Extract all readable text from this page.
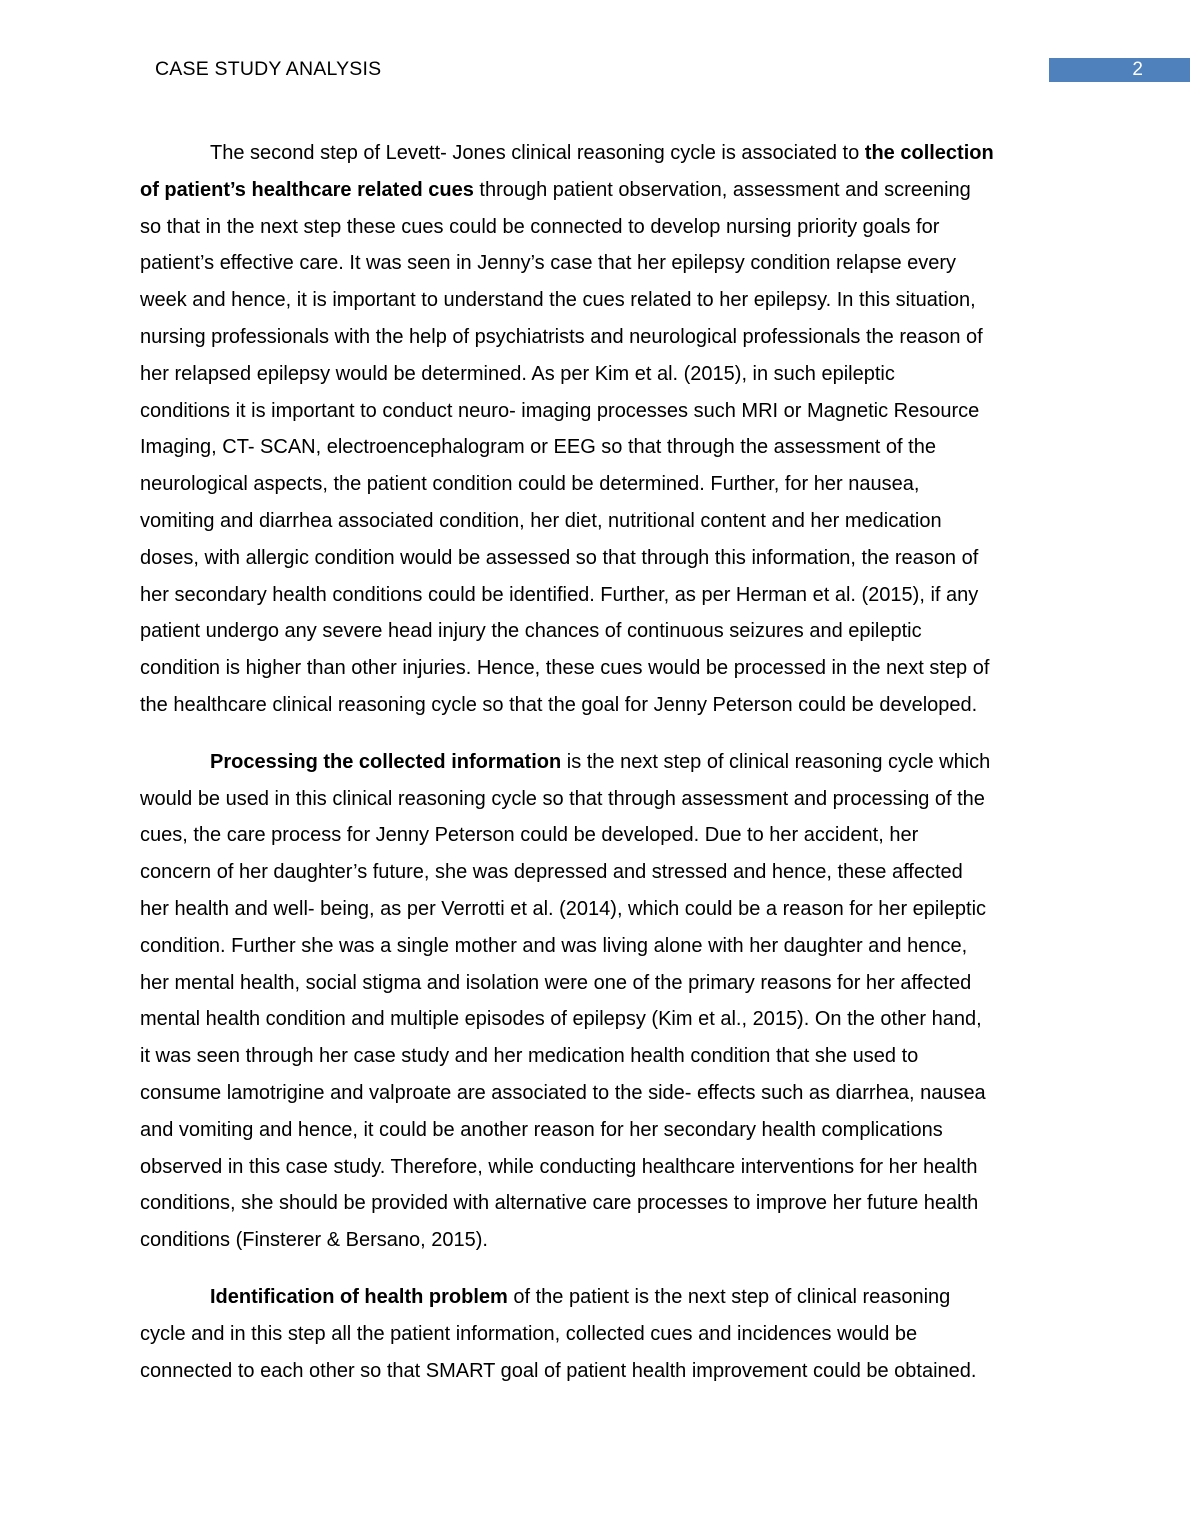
CASE STUDY ANALYSIS	2
The second step of Levett- Jones clinical reasoning cycle is associated to the collection
of patient’s healthcare related cues through patient observation, assessment and screening
so that in the next step these cues could be connected to develop nursing priority goals for
patient’s effective care. It was seen in Jenny’s case that her epilepsy condition relapse every
week and hence, it is important to understand the cues related to her epilepsy. In this situation,
nursing professionals with the help of psychiatrists and neurological professionals the reason of
her relapsed epilepsy would be determined. As per Kim et al. (2015), in such epileptic
conditions it is important to conduct neuro- imaging processes such MRI or Magnetic Resource
Imaging, CT- SCAN, electroencephalogram or EEG so that through the assessment of the
neurological aspects, the patient condition could be determined. Further, for her nausea,
vomiting and diarrhea associated condition, her diet, nutritional content and her medication
doses, with allergic condition would be assessed so that through this information, the reason of
her secondary health conditions could be identified. Further, as per Herman et al. (2015), if any
patient undergo any severe head injury the chances of continuous seizures and epileptic
condition is higher than other injuries. Hence, these cues would be processed in the next step of
the healthcare clinical reasoning cycle so that the goal for Jenny Peterson could be developed.
Processing the collected information is the next step of clinical reasoning cycle which
would be used in this clinical reasoning cycle so that through assessment and processing of the
cues, the care process for Jenny Peterson could be developed. Due to her accident, her
concern of her daughter’s future, she was depressed and stressed and hence, these affected
her health and well- being, as per Verrotti et al. (2014), which could be a reason for her epileptic
condition. Further she was a single mother and was living alone with her daughter and hence,
her mental health, social stigma and isolation were one of the primary reasons for her affected
mental health condition and multiple episodes of epilepsy (Kim et al., 2015). On the other hand,
it was seen through her case study and her medication health condition that she used to
consume lamotrigine and valproate are associated to the side- effects such as diarrhea, nausea
and vomiting and hence, it could be another reason for her secondary health complications
observed in this case study. Therefore, while conducting healthcare interventions for her health
conditions, she should be provided with alternative care processes to improve her future health
conditions (Finsterer & Bersano, 2015).
Identification of health problem of the patient is the next step of clinical reasoning
cycle and in this step all the patient information, collected cues and incidences would be
connected to each other so that SMART goal of patient health improvement could be obtained.
